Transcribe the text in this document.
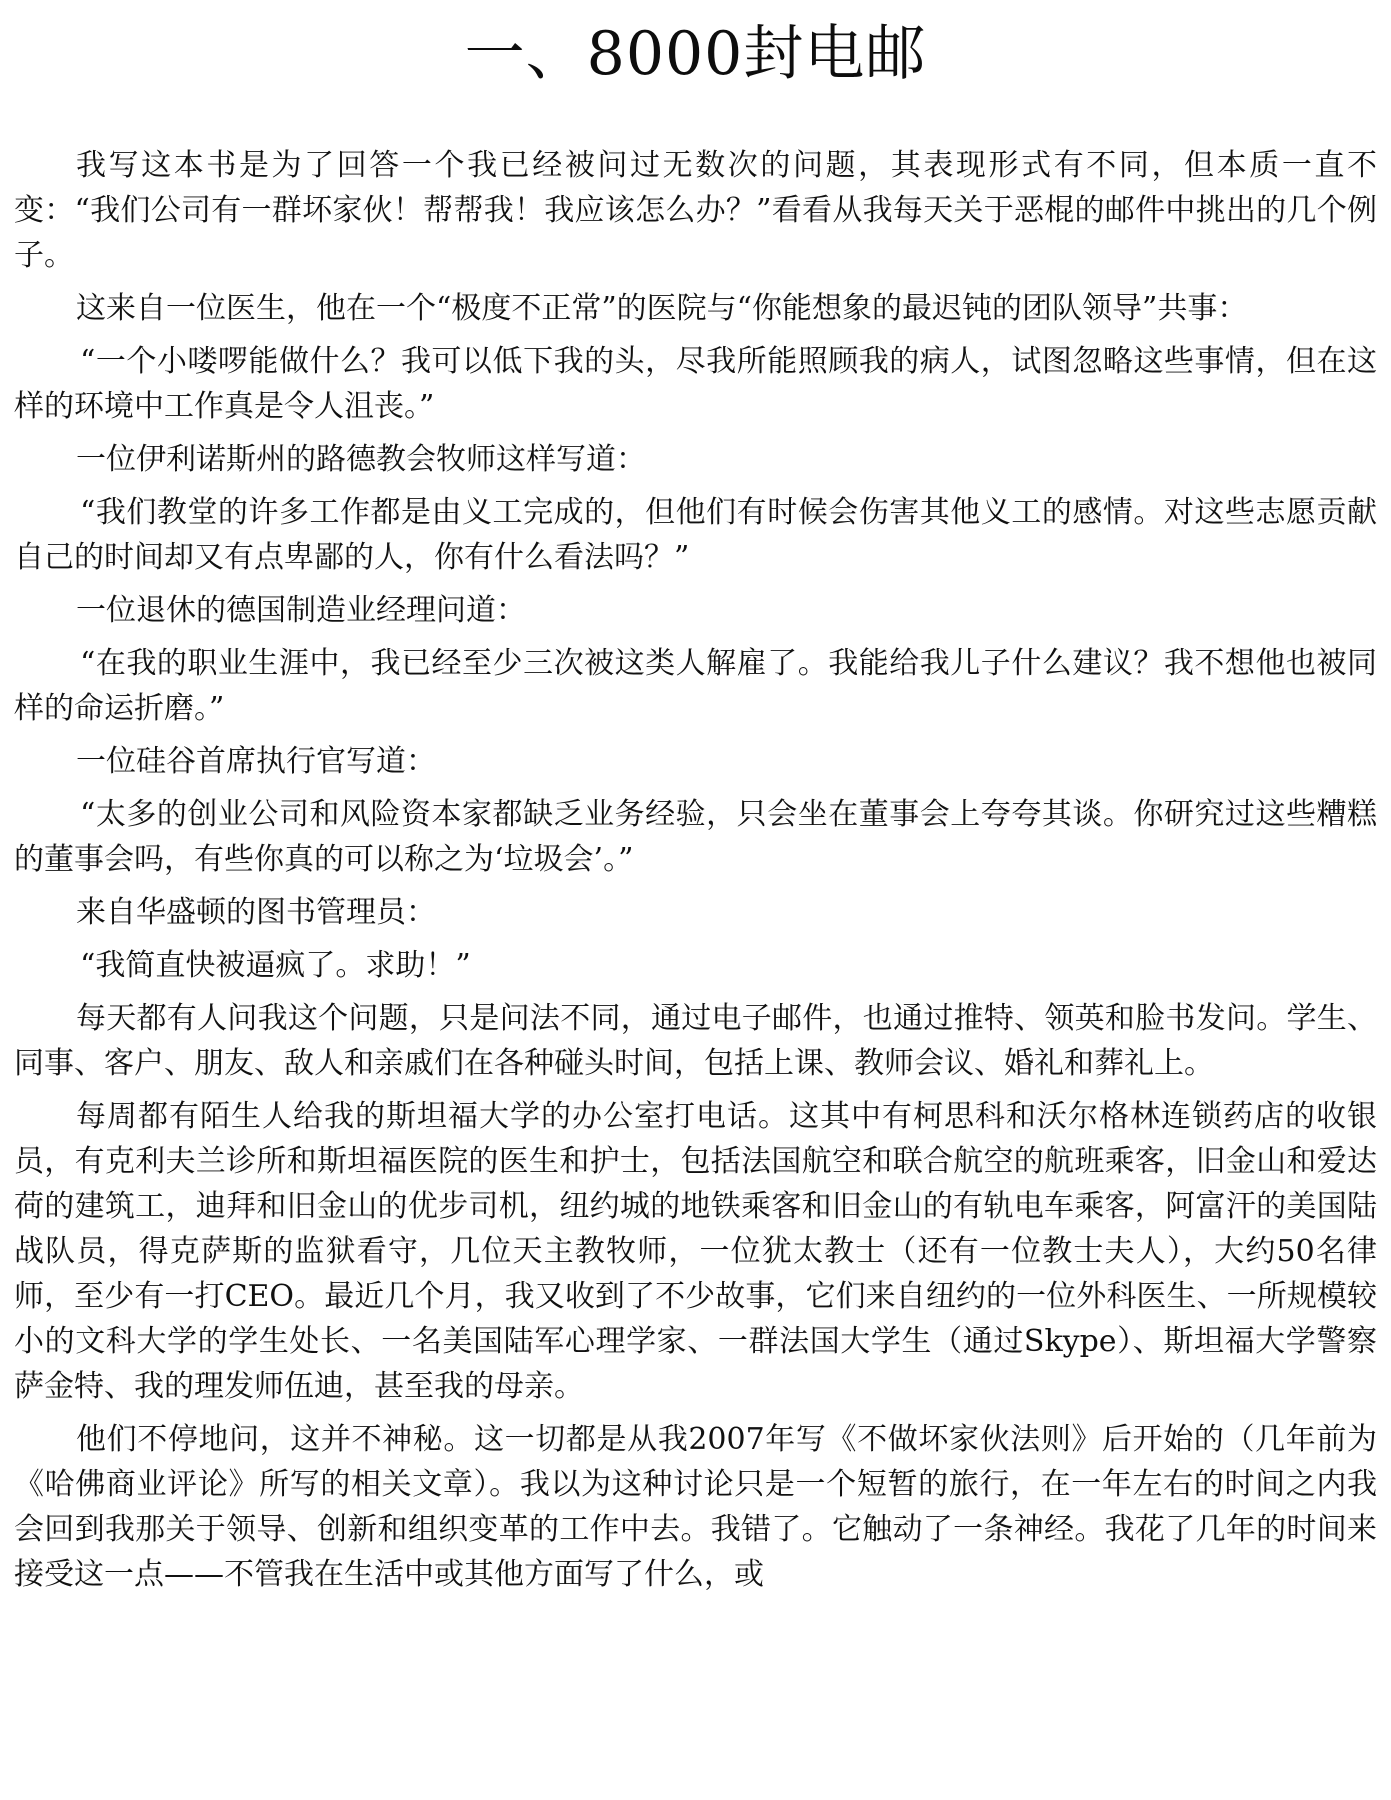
一、8000封电邮

我写这本书是为了回答一个我已经被问过无数次的问题，其表现形式有不同，但本质一直不变：“我们公司有一群坏家伙！帮帮我！我应该怎么办？”看看从我每天关于恶棍的邮件中挑出的几个例子。

这来自一位医生，他在一个“极度不正常”的医院与“你能想象的最迟钝的团队领导”共事：

“一个小喽啰能做什么？我可以低下我的头，尽我所能照顾我的病人，试图忽略这些事情，但在这样的环境中工作真是令人沮丧。”

一位伊利诺斯州的路德教会牧师这样写道：

“我们教堂的许多工作都是由义工完成的，但他们有时候会伤害其他义工的感情。对这些志愿贡献自己的时间却又有点卑鄙的人，你有什么看法吗？”

一位退休的德国制造业经理问道：

“在我的职业生涯中，我已经至少三次被这类人解雇了。我能给我儿子什么建议？我不想他也被同样的命运折磨。”

一位硅谷首席执行官写道：

“太多的创业公司和风险资本家都缺乏业务经验，只会坐在董事会上夸夸其谈。你研究过这些糟糕的董事会吗，有些你真的可以称之为‘垃圾会’。”

来自华盛顿的图书管理员：

“我简直快被逼疯了。求助！”

每天都有人问我这个问题，只是问法不同，通过电子邮件，也通过推特、领英和脸书发问。学生、同事、客户、朋友、敌人和亲戚们在各种碰头时间，包括上课、教师会议、婚礼和葬礼上。

每周都有陌生人给我的斯坦福大学的办公室打电话。这其中有柯思科和沃尔格林连锁药店的收银员，有克利夫兰诊所和斯坦福医院的医生和护士，包括法国航空和联合航空的航班乘客，旧金山和爱达荷的建筑工，迪拜和旧金山的优步司机，纽约城的地铁乘客和旧金山的有轨电车乘客，阿富汗的美国陆战队员，得克萨斯的监狱看守，几位天主教牧师，一位犹太教士（还有一位教士夫人），大约50名律师，至少有一打CEO。最近几个月，我又收到了不少故事，它们来自纽约的一位外科医生、一所规模较小的文科大学的学生处长、一名美国陆军心理学家、一群法国大学生（通过Skype）、斯坦福大学警察萨金特、我的理发师伍迪，甚至我的母亲。

他们不停地问，这并不神秘。这一切都是从我2007年写《不做坏家伙法则》后开始的（几年前为《哈佛商业评论》所写的相关文章）。我以为这种讨论只是一个短暂的旅行，在一年左右的时间之内我会回到我那关于领导、创新和组织变革的工作中去。我错了。它触动了一条神经。我花了几年的时间来接受这一点——不管我在生活中或其他方面写了什么，或
